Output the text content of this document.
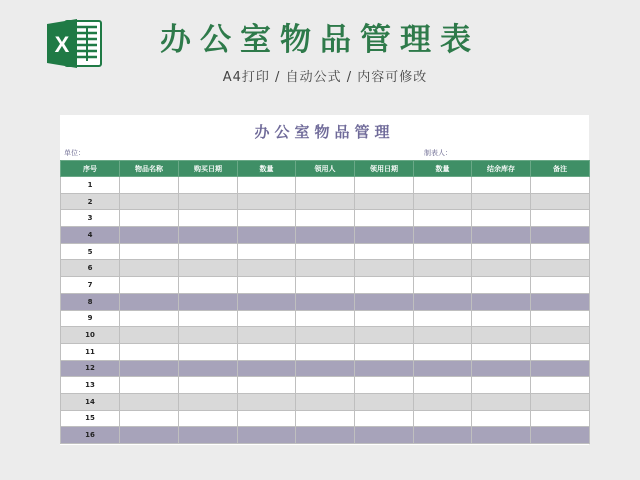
X	办公室物品管理表
A4打印 / 自动公式 / 内容可修改
办公室物品管理
单位：	制表人：
序号	物品名称	购买日期	数量	领用人	领用日期	数量	结余库存	备注
1								
2								
3								
4								
5								
6								
7								
8								
9								
10								
11								
12								
13								
14								
15								
16								
